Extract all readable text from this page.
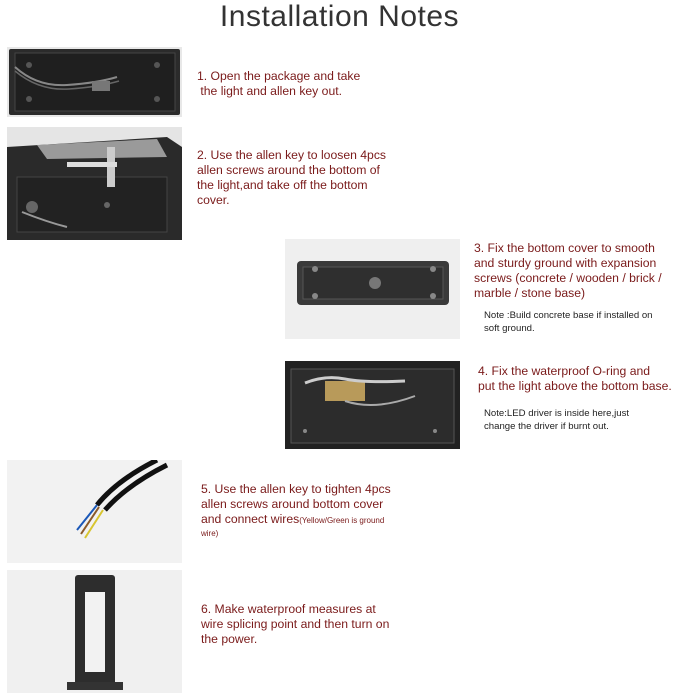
Installation Notes
1. Open the package and take
the light and allen key out.
2. Use the allen key to loosen 4pcs
allen screws around the bottom of
the light,and take off the bottom
cover.
3. Fix the bottom cover to smooth
and sturdy ground with expansion
screws (concrete / wooden / brick /
marble / stone base)
Note :Build concrete base if installed on
soft ground.
4. Fix the waterproof O-ring and
put the light above the bottom base.
Note:LED driver is inside here,just
change the driver if burnt out.
5. Use the allen key to tighten 4pcs
allen screws around bottom cover
and connect wires(Yellow/Green is ground
wire)
6. Make waterproof measures at
wire splicing point and then turn on
the power.
